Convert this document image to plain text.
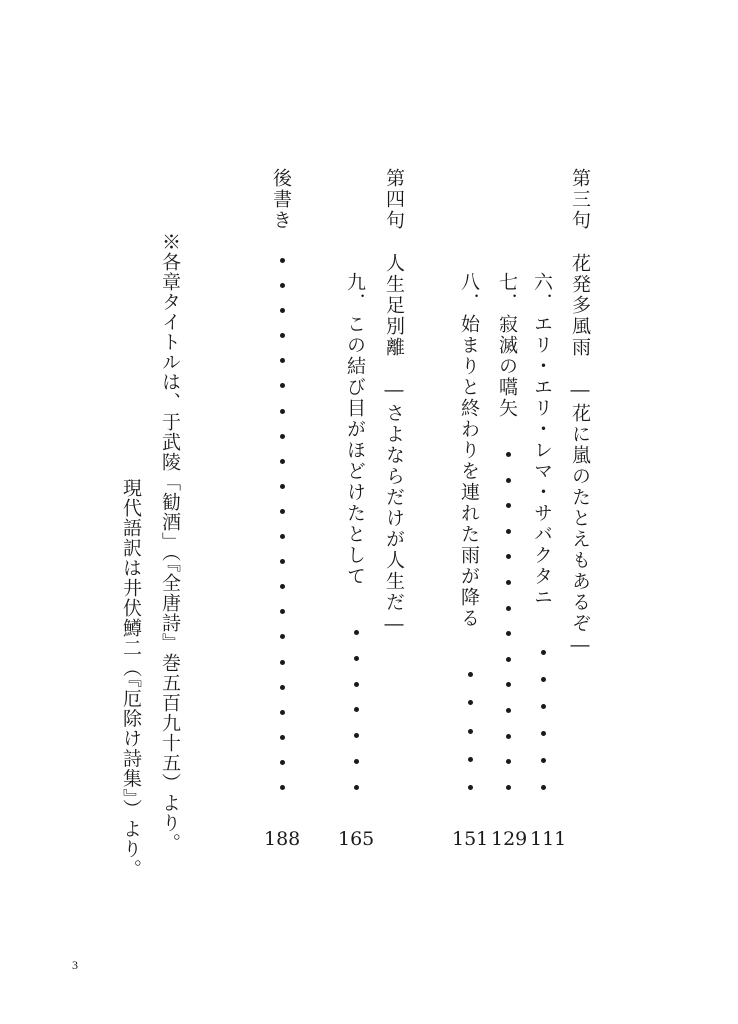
第三句
花発多風雨　―花に嵐のたとえもあるぞ―
六．エリ・エリ・レマ・サバクタニ
111
七．寂滅の嚆矢
129
八．始まりと終わりを連れた雨が降る
151
第四句
人生足別離　―さよならだけが人生だ―
九．この結び目がほどけたとして
165
後書き
188
※各章タイトルは、于武陵「勧酒」（『全唐詩』巻五百九十五）より。
現代語訳は井伏鱒二（『厄除け詩集』）より。
3
